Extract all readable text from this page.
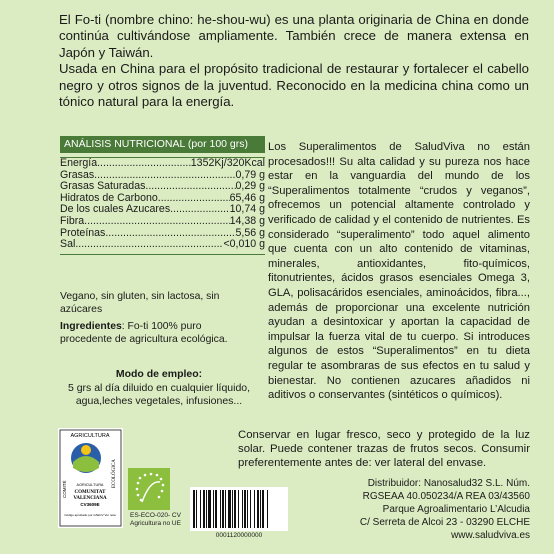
El Fo-ti (nombre chino: he-shou-wu) es una planta originaria de China en donde continúa cultivándose ampliamente. También crece de manera extensa en Japón y Taiwán.

Usada en China para el propósito tradicional de restaurar y fortalecer el cabello negro y otros signos de la juventud. Reconocido en la medicina china como un tónico natural para la energía.

ANÁLISIS NUTRICIONAL (por 100 grs)
Energía .....	1352Kj/320Kcal
Grasas .....	0,79 g
Grasas Saturadas .....	0,29 g
Hidratos de Carbono .....	65,46 g
De los cuales Azucares .....	10,74 g
Fibra .....	14,38 g
Proteínas .....	5,56 g
Sal .....	<0,010 g
Vegano, sin gluten, sin lactosa, sin azúcares
Ingredientes: Fo-ti 100% puro procedente de agricultura ecológica.
Modo de empleo:
5 grs al día diluido en cualquier líquido, agua,leches vegetales, infusiones...
Los Superalimentos de SaludViva no están procesados!!! Su alta calidad y su pureza nos hace estar en la vanguardia del mundo de los “Superalimentos totalmente “crudos y veganos”, ofrecemos un potencial altamente controlado y verificado de calidad y el contenido de nutrientes. Es considerado “superalimento” todo aquel alimento que cuenta con un alto contenido de vitaminas, minerales, antioxidantes, fito-químicos, fitonutrientes, ácidos grasos esenciales Omega 3, GLA, polisacáridos esenciales, aminoácidos, fibra..., además de proporcionar una excelente nutrición ayudan a desintoxicar y aportan la capacidad de impulsar la fuerza vital de tu cuerpo. Si introduces algunos de estos “Superalimentos” en tu dieta regular te asombraras de sus efectos en tu salud y bienestar. No contienen azucares añadidos ni aditivos o conservantes (sintéticos o químicos).
Conservar en lugar fresco, seco y protegido de la luz solar. Puede contener trazas de frutos secos. Consumir preferentemente antes de: ver lateral del envase.
Distribuidor: Nanosalud32 S.L. Núm.
RGSEAA 40.050234/A REA 03/43560
Parque Agroalimentario L’Alcudia
C/ Serreta de Alcoi 23 - 03290 ELCHE
www.saludviva.es
AGRICULTURA
ECOLÓGICA
COMITÉ	AGRICULTURA
COMUNITAT
VALENCIANA
CV3609E
Código aprobado por CAECV Ver nota ES-ECO-020- CV
Agricultura no UE
0001120000000
